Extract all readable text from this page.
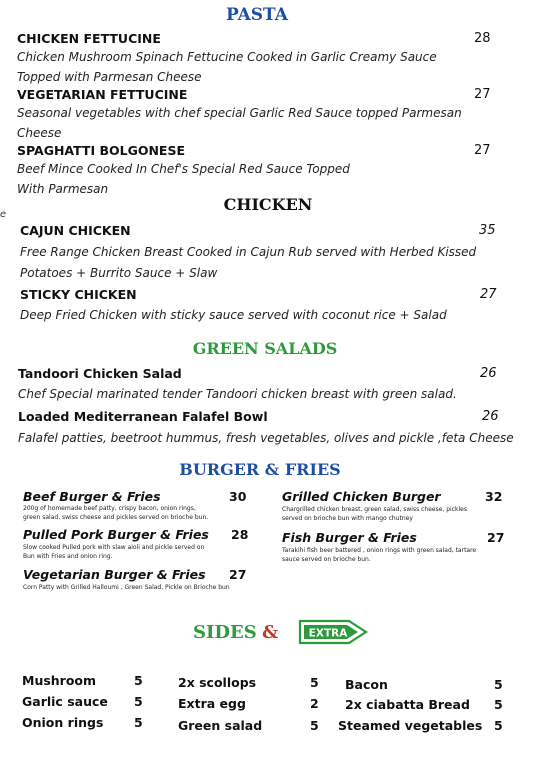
PASTA
CHICKEN FETTUCINE	28
Chicken Mushroom Spinach Fettucine Cooked in Garlic Creamy Sauce
Topped with Parmesan Cheese
VEGETARIAN FETTUCINE	27
Seasonal vegetables with chef special Garlic Red Sauce topped Parmesan
Cheese
SPAGHATTI BOLGONESE	27
Beef Mince Cooked In Chef's Special Red Sauce Topped
With Parmesan
e
CHICKEN
CAJUN CHICKEN	35
Free Range Chicken Breast Cooked in Cajun Rub served with Herbed Kissed
Potatoes + Burrito Sauce + Slaw
STICKY CHICKEN	27
Deep Fried Chicken with sticky sauce served with coconut rice + Salad
GREEN SALADS
Tandoori Chicken Salad	26
Chef Special marinated tender Tandoori chicken breast with green salad.
Loaded Mediterranean Falafel Bowl	26
Falafel patties, beetroot hummus, fresh vegetables, olives and pickle ,feta Cheese
BURGER & FRIES
Beef Burger & Fries	30
200g of homemade beef patty, crispy bacon, onion rings,
green salad, swiss cheese and pickles served on brioche bun.
Pulled Pork Burger & Fries 28
Slow cooked Pulled pork with slaw aioli and pickle served on
Bun with Fries and onion ring.
Vegetarian Burger & Fries 27
Corn Patty with Grilled Halloumi , Green Salad, Pickle on Brioche bun
Grilled Chicken Burger	32
Chargrilled chicken breast, green salad, swiss cheese, pickles
served on brioche bun with mango chutney
Fish Burger & Fries	27
Tarakihi fish beer battered , onion rings with green salad, tartare
sauce served on brioche bun.
SIDES &	EXTRA
Mushroom	5
Garlic sauce 5
Onion rings 5
2x scollops	5
Extra egg	2
Green salad	5
Bacon	5
2x ciabatta Bread 5
Steamed vegetables 5
